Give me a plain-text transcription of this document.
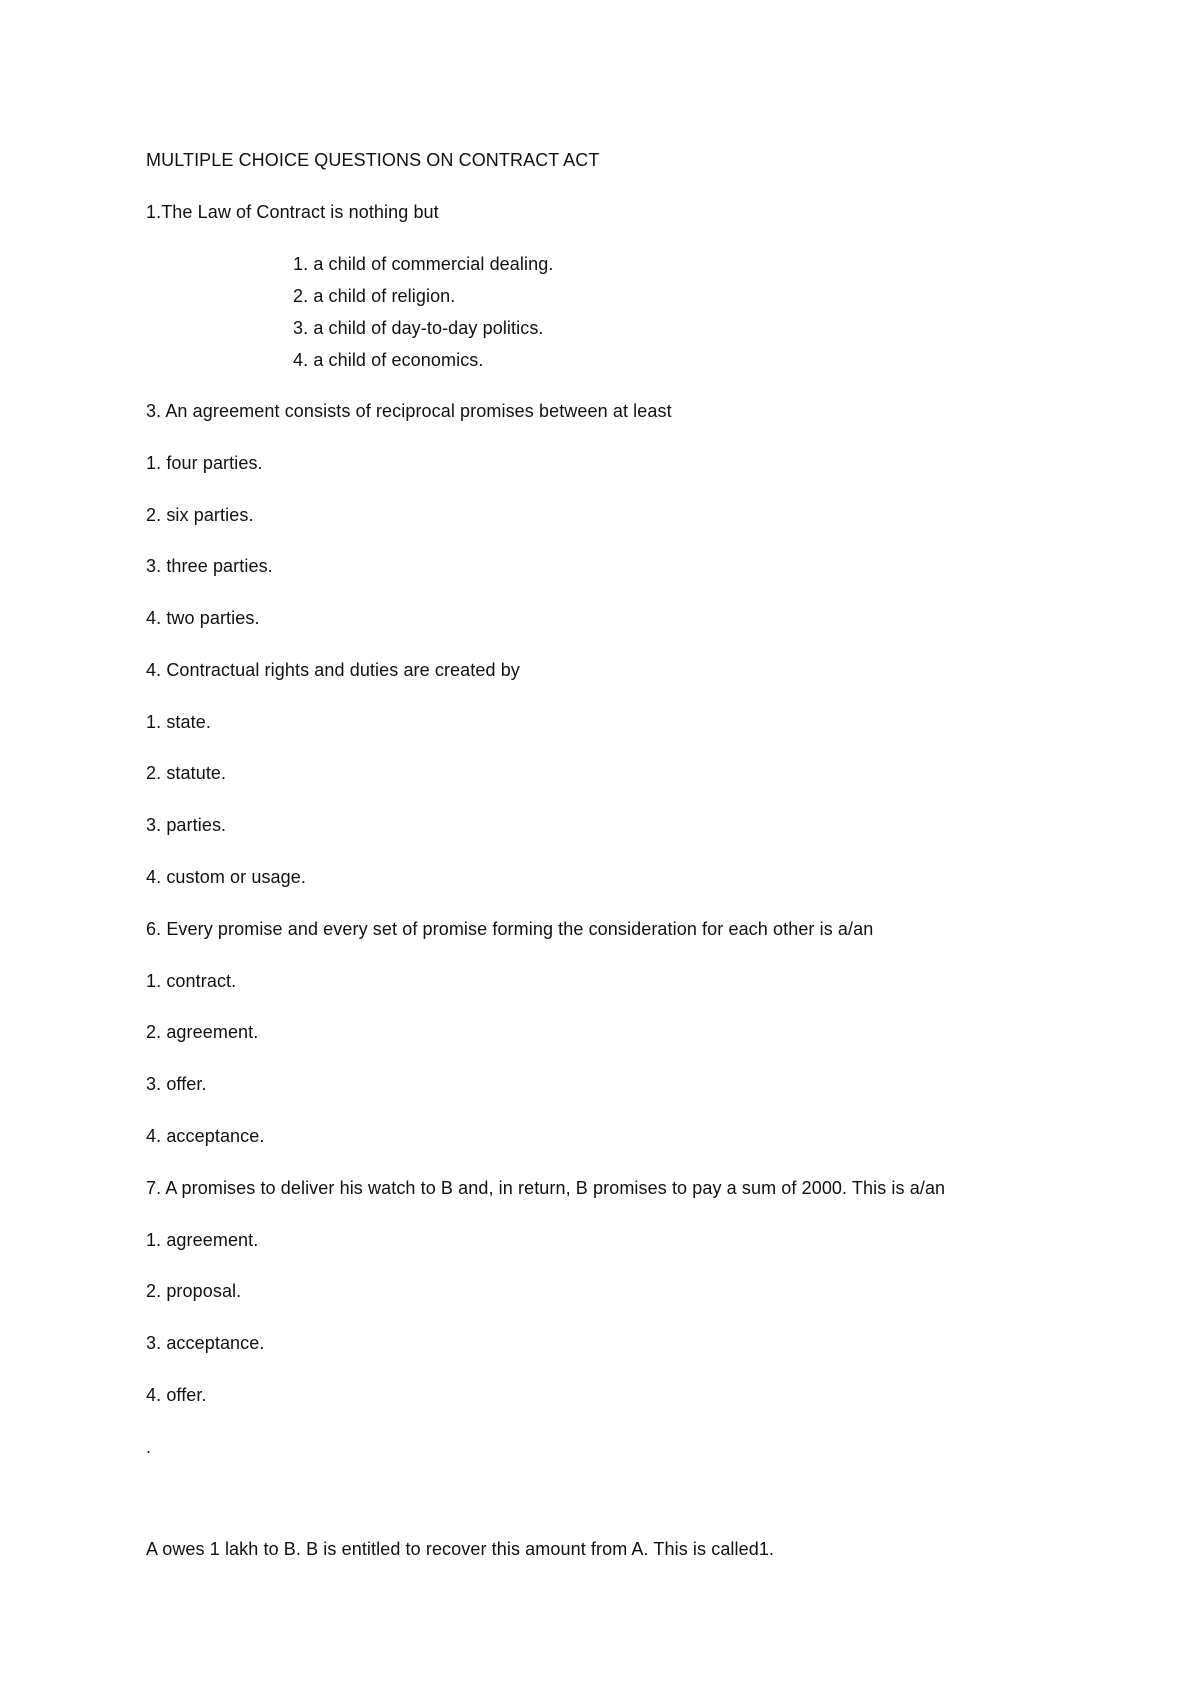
MULTIPLE CHOICE QUESTIONS ON CONTRACT ACT
1.The Law of Contract is nothing but
1. a child of commercial dealing.
2. a child of religion.
3. a child of day-to-day politics.
4. a child of economics.
3. An agreement consists of reciprocal promises between at least
1. four parties.
2. six parties.
3. three parties.
4. two parties.
4. Contractual rights and duties are created by
1. state.
2. statute.
3. parties.
4. custom or usage.
6. Every promise and every set of promise forming the consideration for each other is a/an
1. contract.
2. agreement.
3. offer.
4. acceptance.
7. A promises to deliver his watch to B and, in return, B promises to pay a sum of 2000. This is a/an
1. agreement.
2. proposal.
3. acceptance.
4. offer.
.
A owes 1 lakh to B. B is entitled to recover this amount from A. This is called1.
